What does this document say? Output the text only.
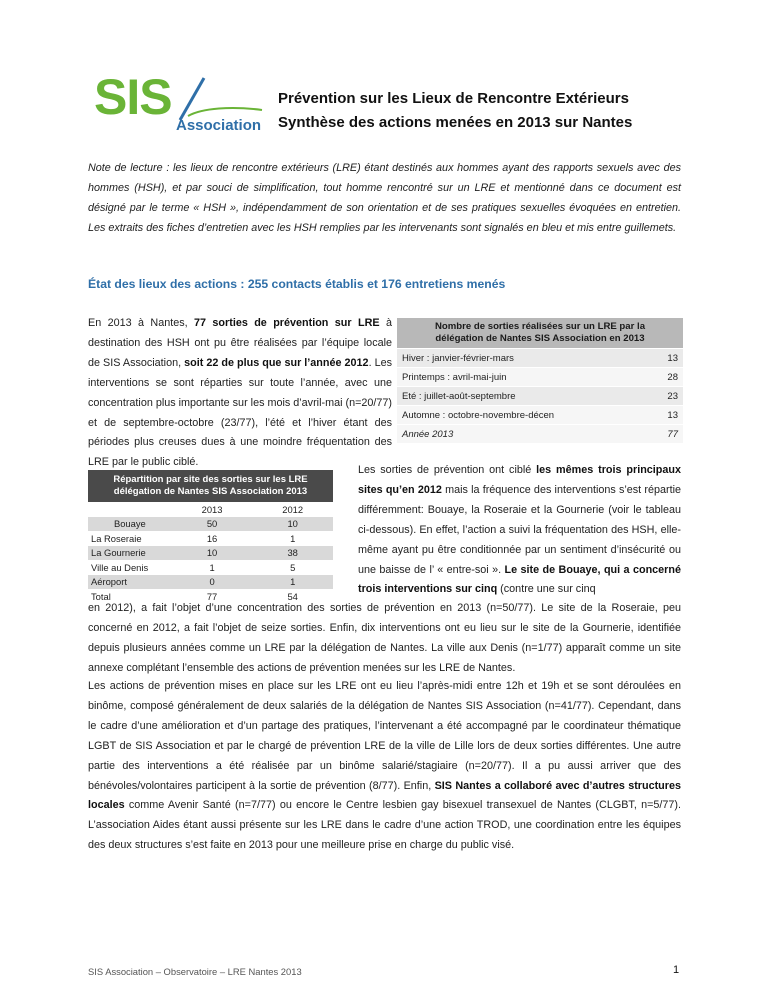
SIS
Association
Prévention sur les Lieux de Rencontre Extérieurs
Synthèse des actions menées en 2013 sur Nantes
Note de lecture : les lieux de rencontre extérieurs (LRE) étant destinés aux hommes ayant des rapports sexuels avec des hommes (HSH), et par souci de simplification, tout homme rencontré sur un LRE et mentionné dans ce document est désigné par le terme « HSH », indépendamment de son orientation et de ses pratiques sexuelles évoquées en entretien. Les extraits des fiches d’entretien avec les HSH remplies par les intervenants sont signalés en bleu et mis entre guillemets.
État des lieux des actions : 255 contacts établis et 176 entretiens menés
En 2013 à Nantes, 77 sorties de prévention sur LRE à destination des HSH ont pu être réalisées par l’équipe locale de SIS Association, soit 22 de plus que sur l’année 2012. Les interventions se sont réparties sur toute l’année, avec une concentration plus importante sur les mois d’avril-mai (n=20/77) et de septembre-octobre (23/77), l’été et l’hiver étant des périodes plus creuses dues à une moindre fréquentation des LRE par le public ciblé.
Nombre de sorties réalisées sur un LRE par la
délégation de Nantes SIS Association en 2013	
Hiver : janvier-février-mars	13
Printemps : avril-mai-juin	28
Eté : juillet-août-septembre	23
Automne : octobre-novembre-décen	13
Année 2013	77
Répartition par site des sorties sur les LRE
délégation de Nantes SIS Association 2013		
	2013	2012
Bouaye	50	10
La Roseraie	16	1
La Gournerie	10	38
Ville au Denis	1	5
Aéroport	0	1
Total	77	54
Les sorties de prévention ont ciblé les mêmes trois principaux sites qu’en 2012 mais la fréquence des interventions s’est répartie différemment: Bouaye, la Roseraie et la Gournerie (voir le tableau ci-dessous). En effet, l’action a suivi la fréquentation des HSH, elle-même ayant pu être conditionnée par un sentiment d’insécurité ou une baisse de l’ « entre-soi ». Le site de Bouaye, qui a concerné trois interventions sur cinq (contre une sur cinq
en 2012), a fait l’objet d’une concentration des sorties de prévention en 2013 (n=50/77). Le site de la Roseraie, peu concerné en 2012, a fait l’objet de seize sorties. Enfin, dix interventions ont eu lieu sur le site de la Gournerie, identifiée depuis plusieurs années comme un LRE par la délégation de Nantes. La ville aux Denis (n=1/77) apparaît comme un site annexe complétant l’ensemble des actions de prévention menées sur les LRE de Nantes.
Les actions de prévention mises en place sur les LRE ont eu lieu l’après-midi entre 12h et 19h et se sont déroulées en binôme, composé généralement de deux salariés de la délégation de Nantes SIS Association (n=41/77). Cependant, dans le cadre d’une amélioration et d’un partage des pratiques, l’intervenant a été accompagné par le coordinateur thématique LGBT de SIS Association et par le chargé de prévention LRE de la ville de Lille lors de deux sorties différentes. Une autre partie des interventions a été réalisée par un binôme salarié/stagiaire (n=20/77). Il a pu aussi arriver que des bénévoles/volontaires participent à la sortie de prévention (8/77). Enfin, SIS Nantes a collaboré avec d’autres structures locales comme Avenir Santé (n=7/77) ou encore le Centre lesbien gay bisexuel transexuel de Nantes (CLGBT, n=5/77). L’association Aides étant aussi présente sur les LRE dans le cadre d’une action TROD, une coordination entre les équipes des deux structures s’est faite en 2013 pour une meilleure prise en charge du public visé.
SIS Association – Observatoire – LRE Nantes 2013	1
